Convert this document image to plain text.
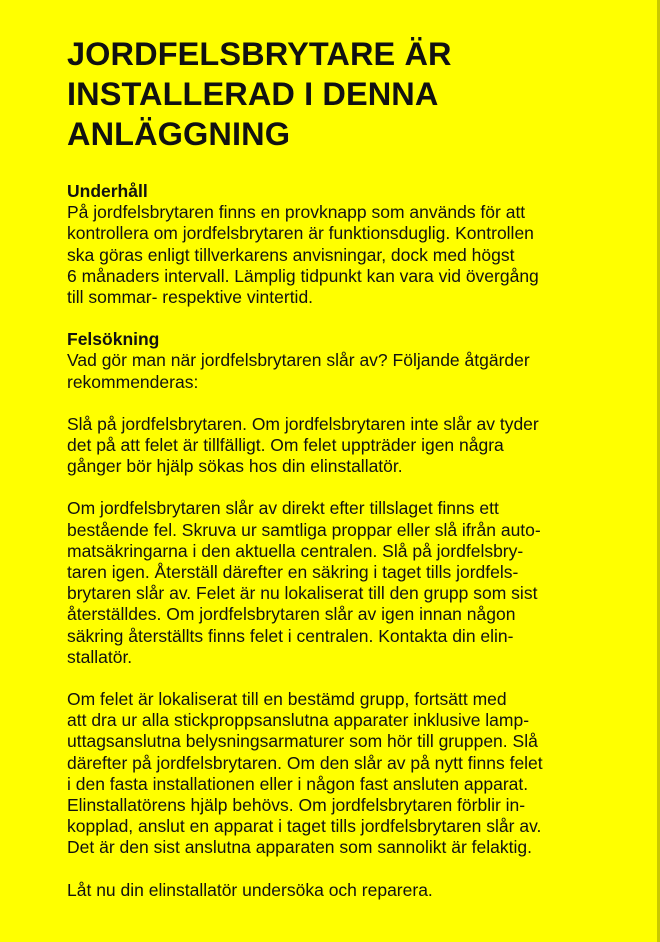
JORDFELSBRYTARE ÄR
INSTALLERAD I DENNA
ANLÄGGNING
Underhåll

På jordfelsbrytaren finns en provknapp som används för att
kontrollera om jordfelsbrytaren är funktionsduglig. Kontrollen
ska göras enligt tillverkarens anvisningar, dock med högst
6 månaders intervall. Lämplig tidpunkt kan vara vid övergång
till sommar- respektive vintertid.

Felsökning

Vad gör man när jordfelsbrytaren slår av? Följande åtgärder
rekommenderas:

Slå på jordfelsbrytaren. Om jordfelsbrytaren inte slår av tyder
det på att felet är tillfälligt. Om felet uppträder igen några
gånger bör hjälp sökas hos din elinstallatör.

Om jordfelsbrytaren slår av direkt efter tillslaget finns ett
bestående fel. Skruva ur samtliga proppar eller slå ifrån auto-
matsäkringarna i den aktuella centralen. Slå på jordfelsbry-
taren igen. Återställ därefter en säkring i taget tills jordfels-
brytaren slår av. Felet är nu lokaliserat till den grupp som sist
återställdes. Om jordfelsbrytaren slår av igen innan någon
säkring återställts finns felet i centralen. Kontakta din elin-
stallatör.

Om felet är lokaliserat till en bestämd grupp, fortsätt med
att dra ur alla stickproppsanslutna apparater inklusive lamp-
uttagsanslutna belysningsarmaturer som hör till gruppen. Slå
därefter på jordfelsbrytaren. Om den slår av på nytt finns felet
i den fasta installationen eller i någon fast ansluten apparat.
Elinstallatörens hjälp behövs. Om jordfelsbrytaren förblir in-
kopplad, anslut en apparat i taget tills jordfelsbrytaren slår av.
Det är den sist anslutna apparaten som sannolikt är felaktig.

Låt nu din elinstallatör undersöka och reparera.
